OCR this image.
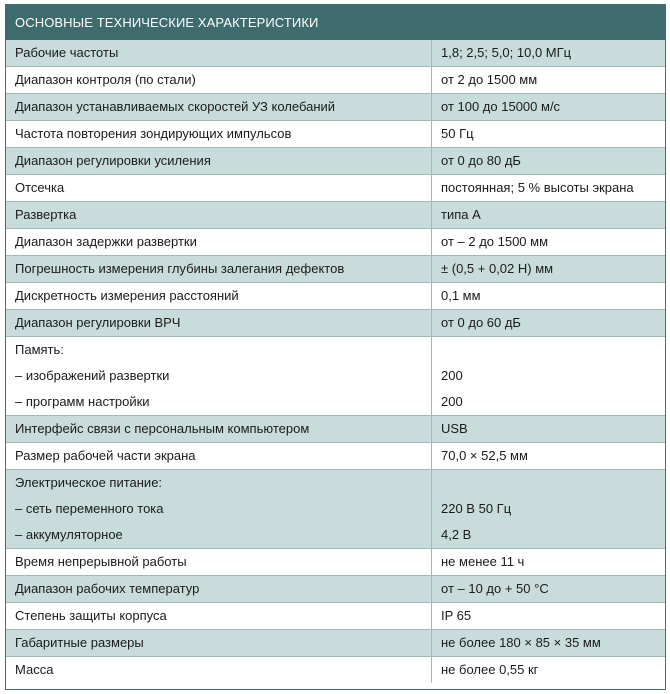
ОСНОВНЫЕ ТЕХНИЧЕСКИЕ ХАРАКТЕРИСТИКИ
Рабочие частоты	1,8; 2,5; 5,0; 10,0 МГц
Диапазон контроля (по стали)	от 2 до 1500 мм
Диапазон устанавливаемых скоростей УЗ колебаний	от 100 до 15000 м/с
Частота повторения зондирующих импульсов	50 Гц
Диапазон регулировки усиления	от 0 до 80 дБ
Отсечка	постоянная; 5 % высоты экрана
Развертка	типа А
Диапазон задержки развертки	от – 2 до 1500 мм
Погрешность измерения глубины залегания дефектов	± (0,5 + 0,02 Н) мм
Дискретность измерения расстояний	0,1 мм
Диапазон регулировки ВРЧ	от 0 до 60 дБ
Память:	
– изображений развертки	200
– программ настройки	200
Интерфейс связи с персональным компьютером	USB
Размер рабочей части экрана	70,0 × 52,5 мм
Электрическое питание:	
– сеть переменного тока	220 В 50 Гц
– аккумуляторное	4,2 В
Время непрерывной работы	не менее 11 ч
Диапазон рабочих температур	от – 10 до + 50 °С
Степень защиты корпуса	IP 65
Габаритные размеры	не более 180 × 85 × 35 мм
Масса	не более 0,55 кг
